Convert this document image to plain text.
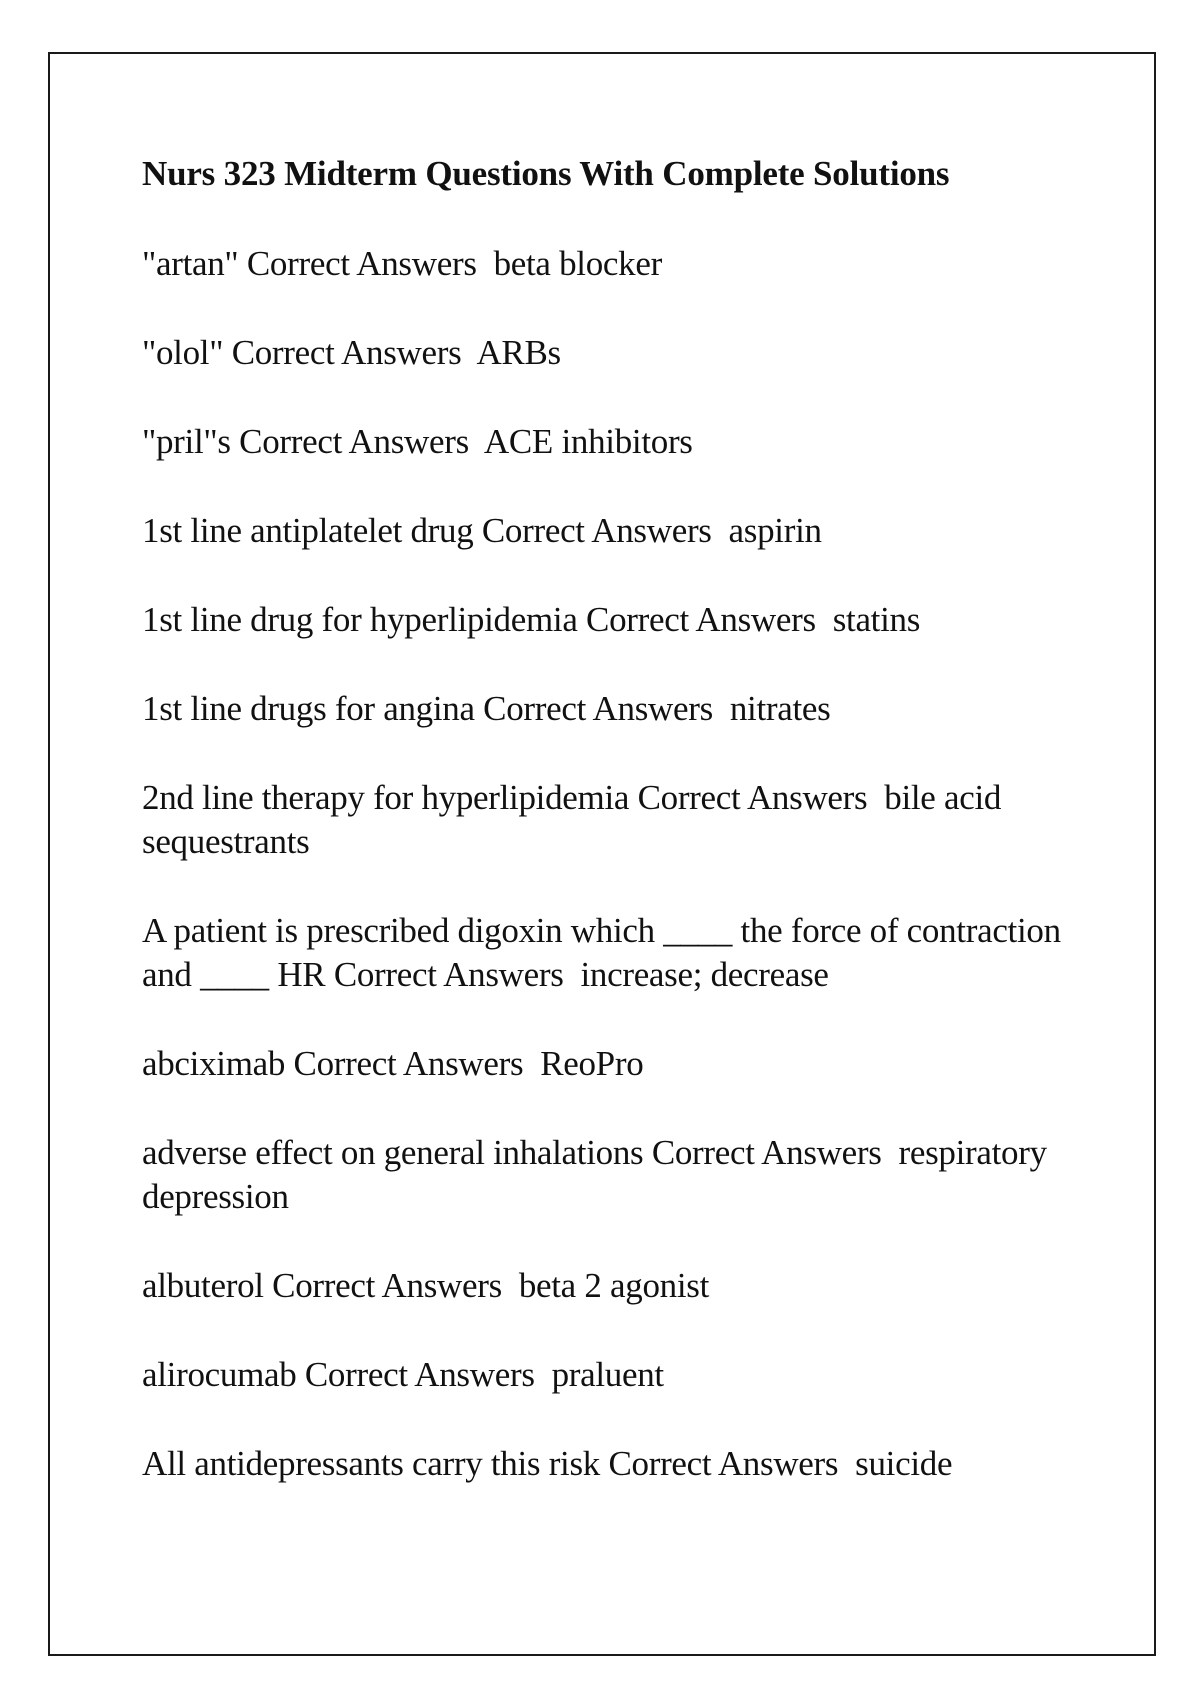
Nurs 323 Midterm Questions With Complete Solutions
"artan" Correct Answers beta blocker
"olol" Correct Answers ARBs
"pril"s Correct Answers ACE inhibitors
1st line antiplatelet drug Correct Answers aspirin
1st line drug for hyperlipidemia Correct Answers statins
1st line drugs for angina Correct Answers nitrates
2nd line therapy for hyperlipidemia Correct Answers bile acid sequestrants
A patient is prescribed digoxin which ____ the force of contraction and ____ HR Correct Answers increase; decrease
abciximab Correct Answers ReoPro
adverse effect on general inhalations Correct Answers respiratory depression
albuterol Correct Answers beta 2 agonist
alirocumab Correct Answers praluent
All antidepressants carry this risk Correct Answers suicide
